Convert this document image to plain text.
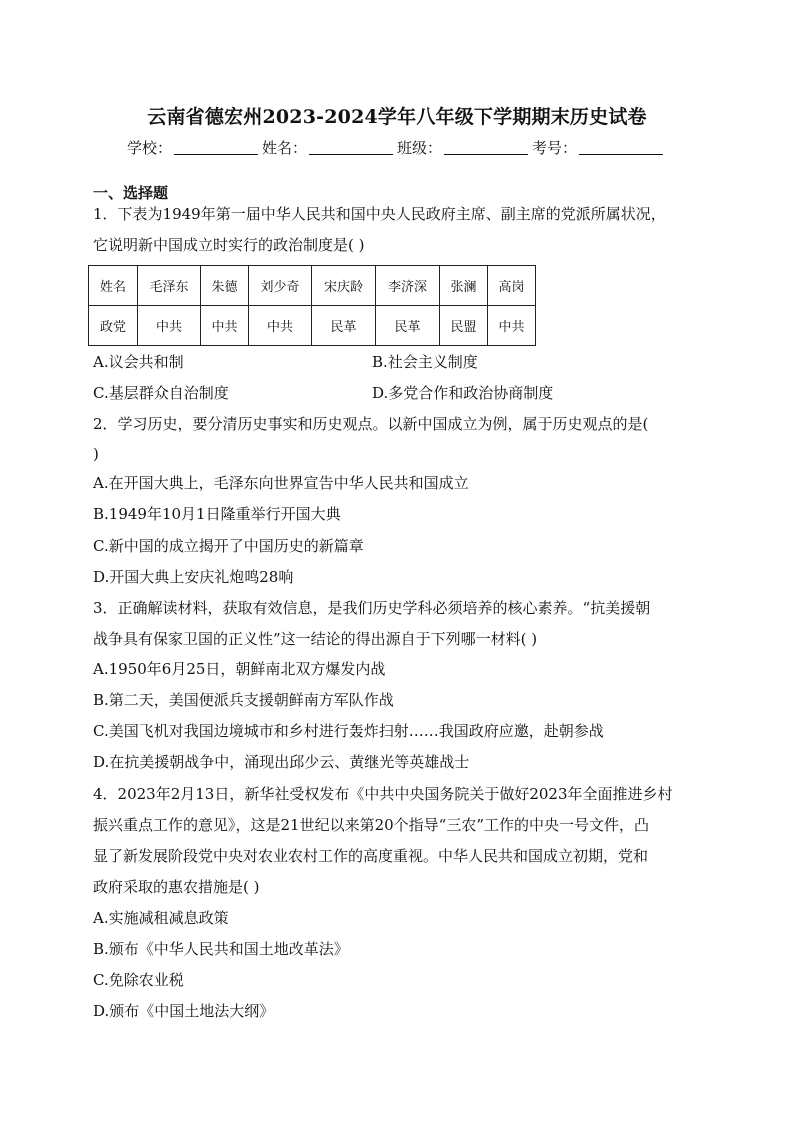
云南省德宏州2023-2024学年八年级下学期期末历史试卷
学校：	姓名：	班级：	考号：
一、选择题
1．下表为1949年第一届中华人民共和国中央人民政府主席、副主席的党派所属状况，
它说明新中国成立时实行的政治制度是( )
姓名	毛泽东	朱德	刘少奇	宋庆龄	李济深	张澜	高岗
政党	中共	中共	中共	民革	民革	民盟	中共
A.议会共和制	B.社会主义制度
C.基层群众自治制度	D.多党合作和政治协商制度
2．学习历史，要分清历史事实和历史观点。以新中国成立为例，属于历史观点的是(
)
A.在开国大典上，毛泽东向世界宣告中华人民共和国成立
B.1949年10月1日隆重举行开国大典
C.新中国的成立揭开了中国历史的新篇章
D.开国大典上安庆礼炮鸣28响
3．正确解读材料，获取有效信息，是我们历史学科必须培养的核心素养。“抗美援朝
战争具有保家卫国的正义性”这一结论的得出源自于下列哪一材料( )
A.1950年6月25日，朝鲜南北双方爆发内战
B.第二天，美国便派兵支援朝鲜南方军队作战
C.美国飞机对我国边境城市和乡村进行轰炸扫射……我国政府应邀，赴朝参战
D.在抗美援朝战争中，涌现出邱少云、黄继光等英雄战士
4．2023年2月13日，新华社受权发布《中共中央国务院关于做好2023年全面推进乡村
振兴重点工作的意见》，这是21世纪以来第20个指导“三农”工作的中央一号文件，凸
显了新发展阶段党中央对农业农村工作的高度重视。中华人民共和国成立初期，党和
政府采取的惠农措施是( )
A.实施减租减息政策
B.颁布《中华人民共和国土地改革法》
C.免除农业税
D.颁布《中国土地法大纲》
